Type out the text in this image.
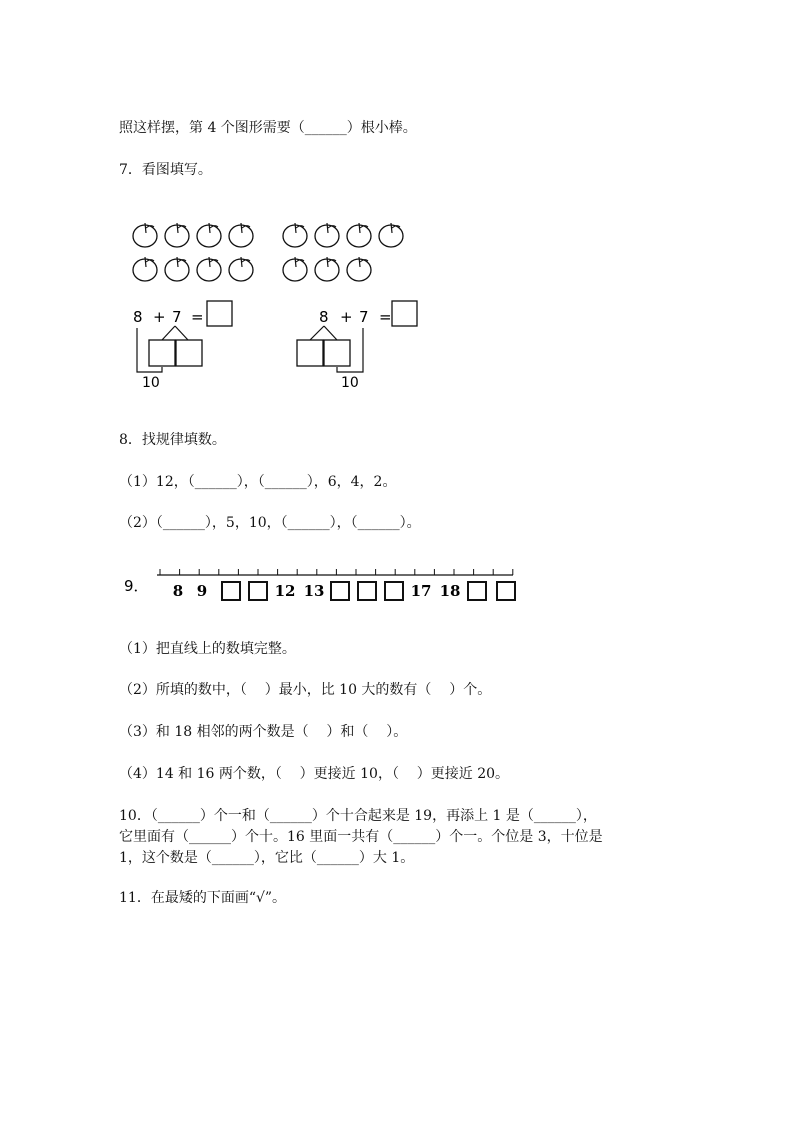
照这样摆，第 4 个图形需要（______）根小棒。
7．看图填写。
8 + 7 =
10
8 + 7 =
10
9． 8 9	12 13	17 18
8．找规律填数。
（1）12，（______），（______），6，4，2。
（2）（______），5，10，（______），（______）。
（1）把直线上的数填完整。
（2）所填的数中，（    ）最小，比 10 大的数有（    ）个。
（3）和 18 相邻的两个数是（    ）和（    ）。
（4）14 和 16 两个数，（    ）更接近 10，（    ）更接近 20。
10．（______）个一和（______）个十合起来是 19，再添上 1 是（______），
它里面有（______）个十。16 里面一共有（______）个一。个位是 3，十位是
1，这个数是（______），它比（______）大 1。
11．在最矮的下面画“√”。
